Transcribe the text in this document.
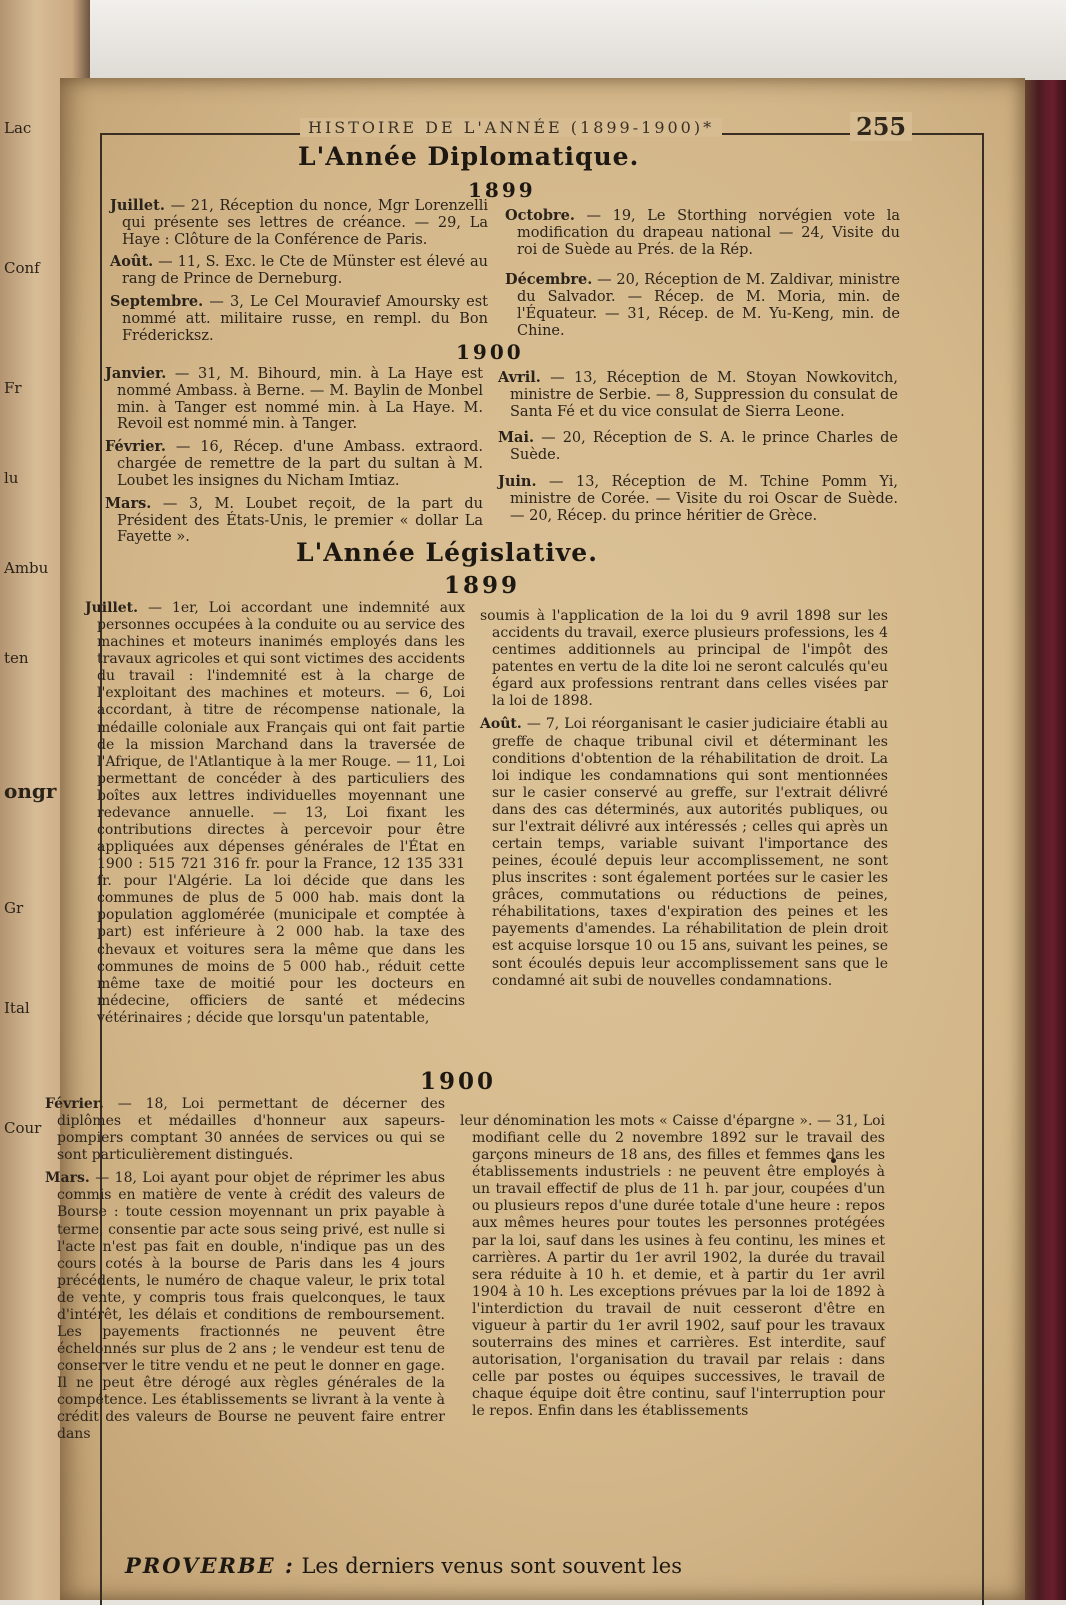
Lac
Conf
Fr
lu
Ambu
ten
ongr
Gr
Ital
Cour
HISTOIRE DE L'ANNÉE (1899-1900)*	255
L'Année Diplomatique.
1899

Juillet. — 21, Réception du nonce, Mgr Lorenzelli qui présente ses lettres de créance. — 29, La Haye : Clôture de la Conférence de Paris.

Août. — 11, S. Exc. le Cte de Münster est élevé au rang de Prince de Derneburg.

Septembre. — 3, Le Cel Mouravief Amoursky est nommé att. militaire russe, en rempl. du Bon Frédericksz.

Octobre. — 19, Le Storthing norvégien vote la modification du drapeau national — 24, Visite du roi de Suède au Prés. de la Rép.

Décembre. — 20, Réception de M. Zaldivar, ministre du Salvador. — Récep. de M. Moria, min. de l'Équateur. — 31, Récep. de M. Yu-Keng, min. de Chine.

1900

Janvier. — 31, M. Bihourd, min. à La Haye est nommé Ambass. à Berne. — M. Baylin de Monbel min. à Tanger est nommé min. à La Haye. M. Revoil est nommé min. à Tanger.

Février. — 16, Récep. d'une Ambass. extraord. chargée de remettre de la part du sultan à M. Loubet les insignes du Nicham Imtiaz.

Mars. — 3, M. Loubet reçoit, de la part du Président des États-Unis, le premier « dollar La Fayette ».

Avril. — 13, Réception de M. Stoyan Nowkovitch, ministre de Serbie. — 8, Suppression du consulat de Santa Fé et du vice consulat de Sierra Leone.

Mai. — 20, Réception de S. A. le prince Charles de Suède.

Juin. — 13, Réception de M. Tchine Pomm Yi, ministre de Corée. — Visite du roi Oscar de Suède. — 20, Récep. du prince héritier de Grèce.

L'Année Législative.
1899

Juillet. — 1er, Loi accordant une indemnité aux personnes occupées à la conduite ou au service des machines et moteurs inanimés employés dans les travaux agricoles et qui sont victimes des accidents du travail : l'indemnité est à la charge de l'exploitant des machines et moteurs. — 6, Loi accordant, à titre de récompense nationale, la médaille coloniale aux Français qui ont fait partie de la mission Marchand dans la traversée de l'Afrique, de l'Atlantique à la mer Rouge. — 11, Loi permettant de concéder à des particuliers des boîtes aux lettres individuelles moyennant une redevance annuelle. — 13, Loi fixant les contributions directes à percevoir pour être appliquées aux dépenses générales de l'État en 1900 : 515 721 316 fr. pour la France, 12 135 331 fr. pour l'Algérie. La loi décide que dans les communes de plus de 5 000 hab. mais dont la population agglomérée (municipale et comptée à part) est inférieure à 2 000 hab. la taxe des chevaux et voitures sera la même que dans les communes de moins de 5 000 hab., réduit cette même taxe de moitié pour les docteurs en médecine, officiers de santé et médecins vétérinaires ; décide que lorsqu'un patentable,

soumis à l'application de la loi du 9 avril 1898 sur les accidents du travail, exerce plusieurs professions, les 4 centimes additionnels au principal de l'impôt des patentes en vertu de la dite loi ne seront calculés qu'eu égard aux professions rentrant dans celles visées par la loi de 1898.

Août. — 7, Loi réorganisant le casier judiciaire établi au greffe de chaque tribunal civil et déterminant les conditions d'obtention de la réhabilitation de droit. La loi indique les condamnations qui sont mentionnées sur le casier conservé au greffe, sur l'extrait délivré dans des cas déterminés, aux autorités publiques, ou sur l'extrait délivré aux intéressés ; celles qui après un certain temps, variable suivant l'importance des peines, écoulé depuis leur accomplissement, ne sont plus inscrites : sont également portées sur le casier les grâces, commutations ou réductions de peines, réhabilitations, taxes d'expiration des peines et les payements d'amendes. La réhabilitation de plein droit est acquise lorsque 10 ou 15 ans, suivant les peines, se sont écoulés depuis leur accomplissement sans que le condamné ait subi de nouvelles condamnations.

1900

Février. — 18, Loi permettant de décerner des diplômes et médailles d'honneur aux sapeurs-pompiers comptant 30 années de services ou qui se sont particulièrement distingués.

Mars. — 18, Loi ayant pour objet de réprimer les abus commis en matière de vente à crédit des valeurs de Bourse : toute cession moyennant un prix payable à terme, consentie par acte sous seing privé, est nulle si l'acte n'est pas fait en double, n'indique pas un des cours cotés à la bourse de Paris dans les 4 jours précédents, le numéro de chaque valeur, le prix total de vente, y compris tous frais quelconques, le taux d'intérêt, les délais et conditions de remboursement. Les payements fractionnés ne peuvent être échelonnés sur plus de 2 ans ; le vendeur est tenu de conserver le titre vendu et ne peut le donner en gage. Il ne peut être dérogé aux règles générales de la compétence. Les établissements se livrant à la vente à crédit des valeurs de Bourse ne peuvent faire entrer dans

leur dénomination les mots « Caisse d'épargne ». — 31, Loi modifiant celle du 2 novembre 1892 sur le travail des garçons mineurs de 18 ans, des filles et femmes dans les établissements industriels : ne peuvent être employés à un travail effectif de plus de 11 h. par jour, coupées d'un ou plusieurs repos d'une durée totale d'une heure : repos aux mêmes heures pour toutes les personnes protégées par la loi, sauf dans les usines à feu continu, les mines et carrières. A partir du 1er avril 1902, la durée du travail sera réduite à 10 h. et demie, et à partir du 1er avril 1904 à 10 h. Les exceptions prévues par la loi de 1892 à l'interdiction du travail de nuit cesseront d'être en vigueur à partir du 1er avril 1902, sauf pour les travaux souterrains des mines et carrières. Est interdite, sauf autorisation, l'organisation du travail par relais : dans celle par postes ou équipes successives, le travail de chaque équipe doit être continu, sauf l'interruption pour le repos. Enfin dans les établissements

PROVERBE : Les derniers venus sont souvent les
